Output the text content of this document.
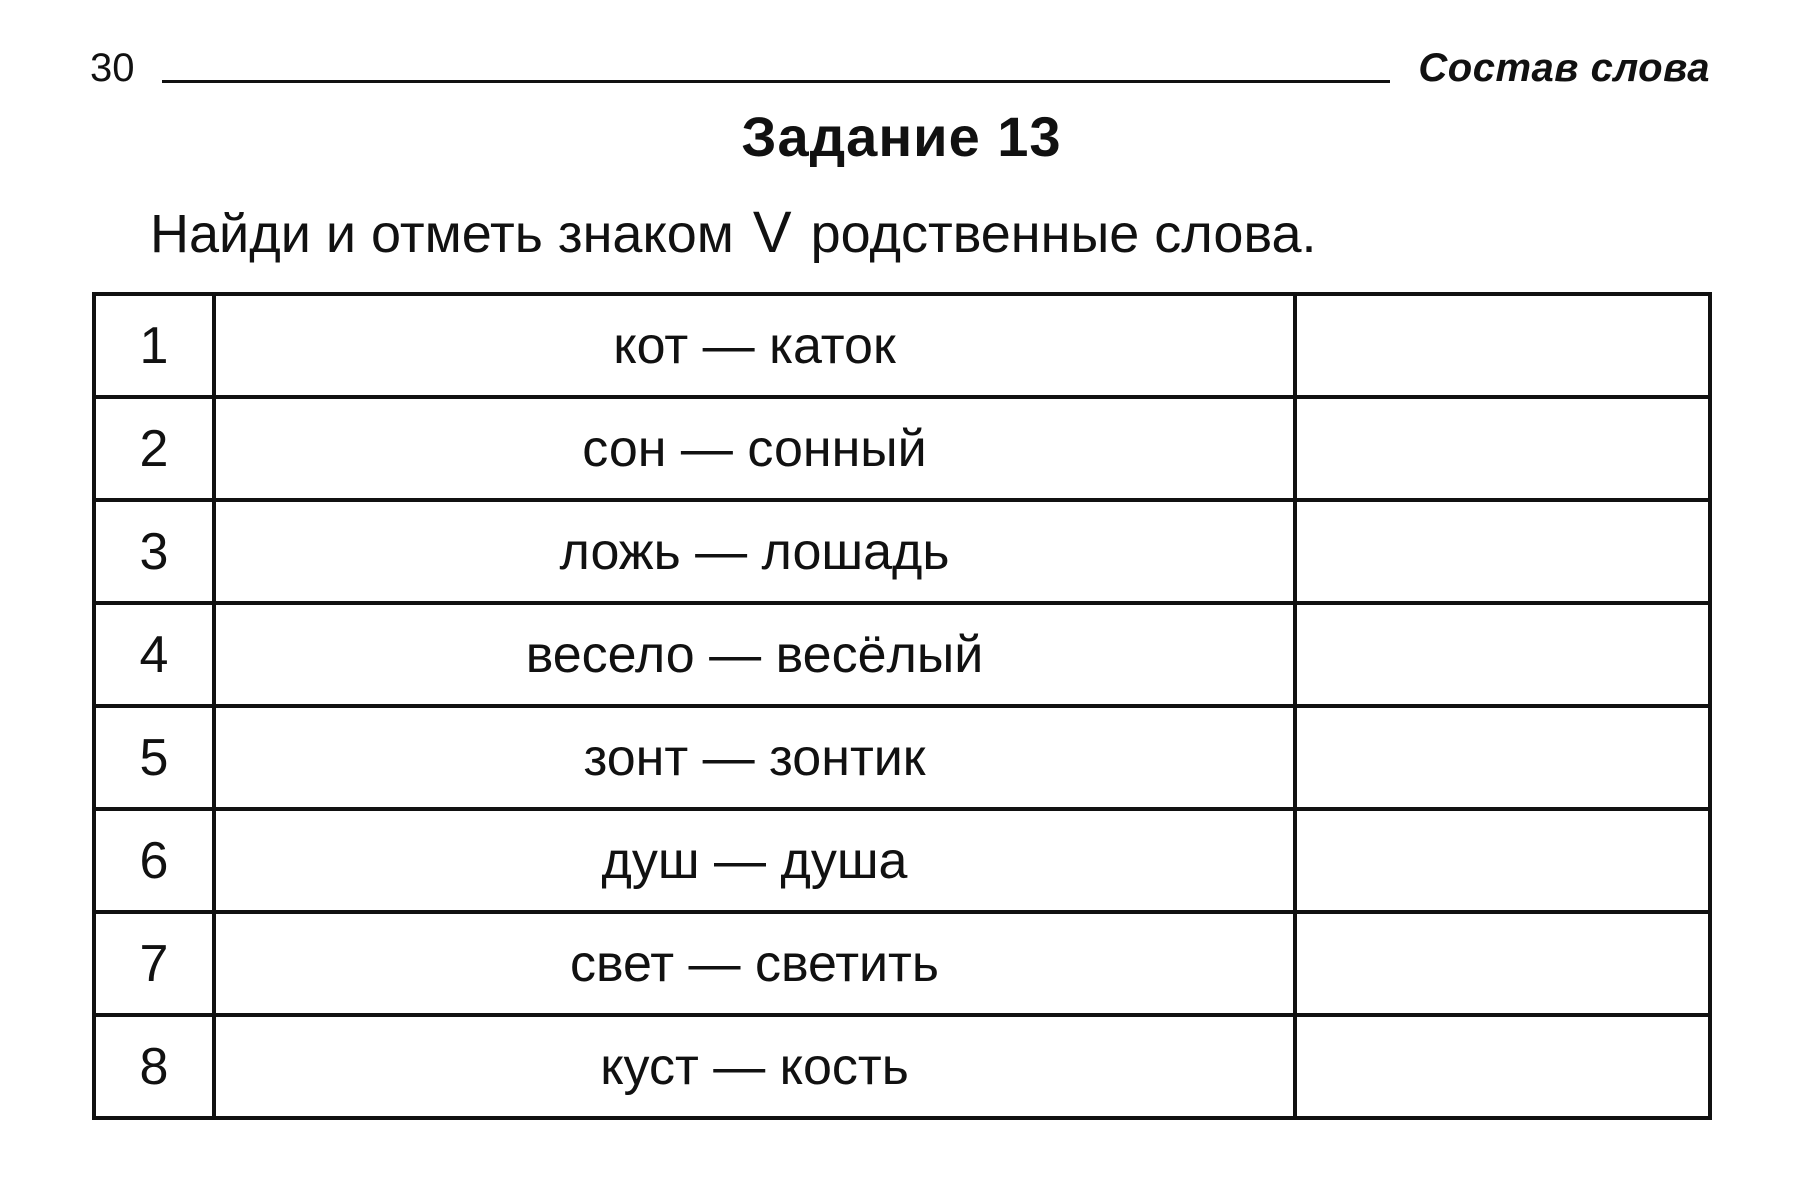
30	Состав слова
Задание 13
Найди и отметь знаком V родственные слова.
1	кот — каток	
2	сон — сонный	
3	ложь — лошадь	
4	весело — весёлый	
5	зонт — зонтик	
6	душ — душа	
7	свет — светить	
8	куст — кость	
